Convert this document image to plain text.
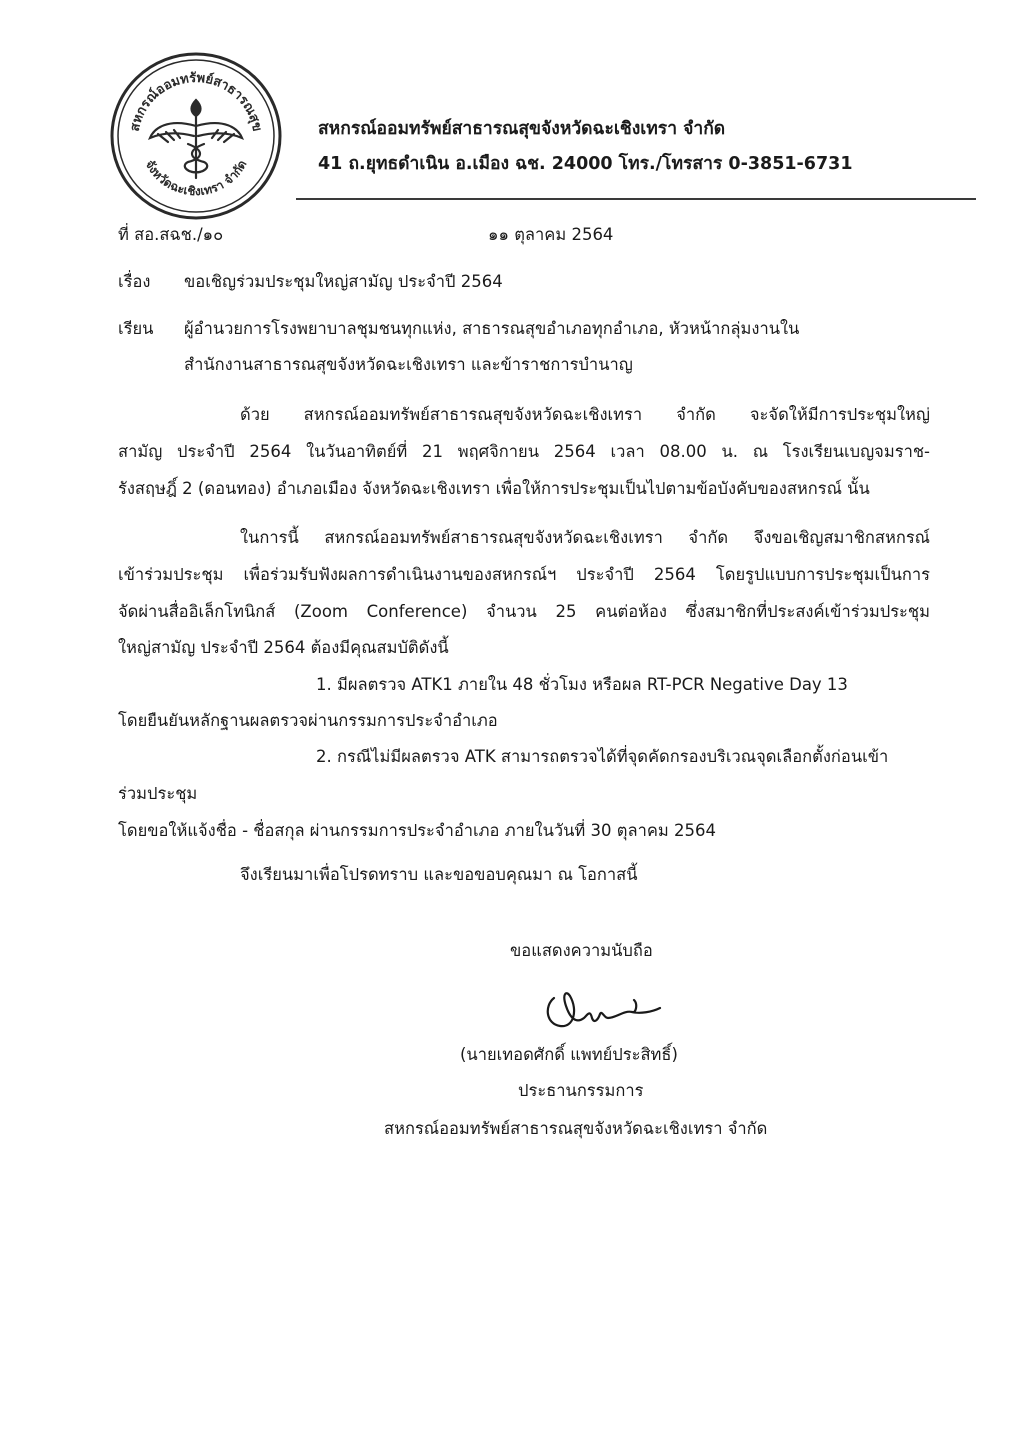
สหกรณ์ออมทรัพย์สาธารณสุข
จังหวัดฉะเชิงเทรา จำกัด
สหกรณ์ออมทรัพย์สาธารณสุขจังหวัดฉะเชิงเทรา จำกัด
41 ถ.ยุทธดำเนิน อ.เมือง ฉช. 24000 โทร./โทรสาร 0-3851-6731
ที่ สอ.สฉช./๑๐	๑๑ ตุลาคม 2564
เรื่อง ขอเชิญร่วมประชุมใหญ่สามัญ ประจำปี 2564
เรียน ผู้อำนวยการโรงพยาบาลชุมชนทุกแห่ง, สาธารณสุขอำเภอทุกอำเภอ, หัวหน้ากลุ่มงานใน
สำนักงานสาธารณสุขจังหวัดฉะเชิงเทรา และข้าราชการบำนาญ
ด้วย สหกรณ์ออมทรัพย์สาธารณสุขจังหวัดฉะเชิงเทรา จำกัด จะจัดให้มีการประชุมใหญ่
สามัญ ประจำปี 2564 ในวันอาทิตย์ที่ 21 พฤศจิกายน 2564 เวลา 08.00 น. ณ โรงเรียนเบญจมราช-
รังสฤษฎิ์ 2 (ดอนทอง) อำเภอเมือง จังหวัดฉะเชิงเทรา เพื่อให้การประชุมเป็นไปตามข้อบังคับของสหกรณ์ นั้น
ในการนี้ สหกรณ์ออมทรัพย์สาธารณสุขจังหวัดฉะเชิงเทรา จำกัด จึงขอเชิญสมาชิกสหกรณ์
เข้าร่วมประชุม เพื่อร่วมรับฟังผลการดำเนินงานของสหกรณ์ฯ ประจำปี 2564 โดยรูปแบบการประชุมเป็นการ
จัดผ่านสื่ออิเล็กโทนิกส์ (Zoom Conference) จำนวน 25 คนต่อห้อง ซึ่งสมาชิกที่ประสงค์เข้าร่วมประชุม
ใหญ่สามัญ ประจำปี 2564 ต้องมีคุณสมบัติดังนี้
1. มีผลตรวจ ATK1 ภายใน 48 ชั่วโมง หรือผล RT-PCR Negative Day 13
โดยยืนยันหลักฐานผลตรวจผ่านกรรมการประจำอำเภอ
2. กรณีไม่มีผลตรวจ ATK สามารถตรวจได้ที่จุดคัดกรองบริเวณจุดเลือกตั้งก่อนเข้า
ร่วมประชุม
โดยขอให้แจ้งชื่อ - ชื่อสกุล ผ่านกรรมการประจำอำเภอ ภายในวันที่ 30 ตุลาคม 2564
จึงเรียนมาเพื่อโปรดทราบ และขอขอบคุณมา ณ โอกาสนี้
ขอแสดงความนับถือ
(นายเทอดศักดิ์ แพทย์ประสิทธิ์)
ประธานกรรมการ
สหกรณ์ออมทรัพย์สาธารณสุขจังหวัดฉะเชิงเทรา จำกัด
